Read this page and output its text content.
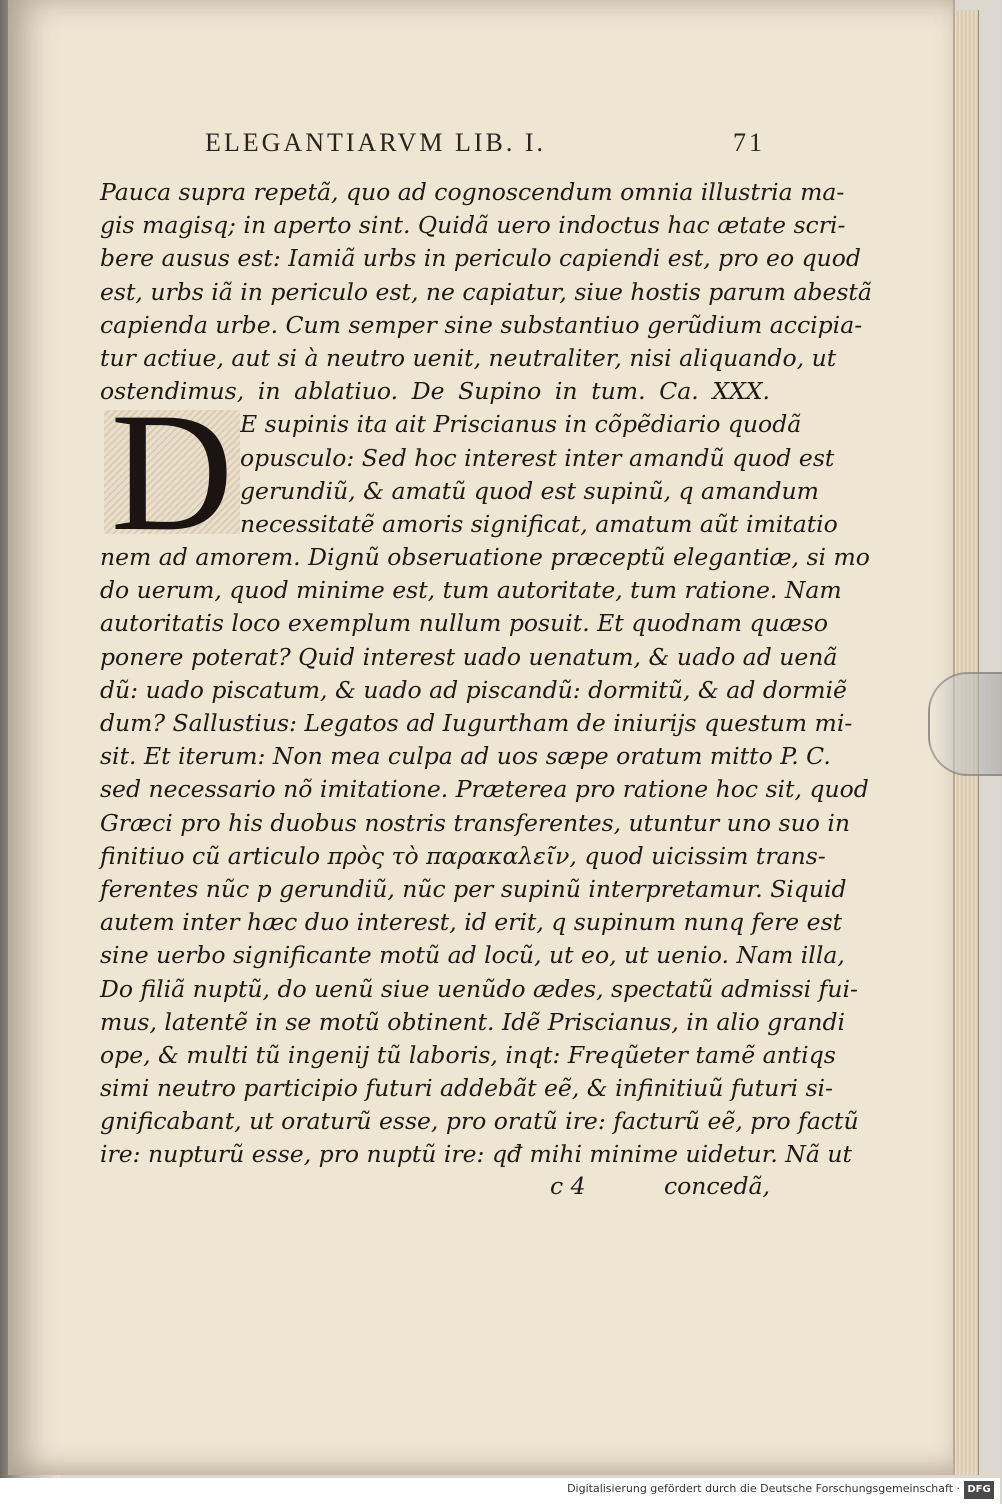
ELEGANTIARVM LIB. I.	71
Pauca supra repetã, quo ad cognoscendum omnia illustria ma-
gis magisq; in aperto sint. Quidã uero indoctus hac ætate scri-
bere ausus est: Iamiã urbs in periculo capiendi est, pro eo quod
est, urbs iã in periculo est, ne capiatur, siue hostis parum abestã
capienda urbe. Cum semper sine substantiuo gerũdium accipia-
tur actiue, aut si à neutro uenit, neutraliter, nisi aliquando, ut
ostendimus, in ablatiuo. De Supino in tum. Ca. XXX.
E supinis ita ait Priscianus in cõpẽdiario quodã
opusculo: Sed hoc interest inter amandũ quod est
gerundiũ, & amatũ quod est supinũ, q amandum
necessitatẽ amoris significat, amatum aũt imitatio
nem ad amorem. Dignũ obseruatione præceptũ elegantiæ, si mo
do uerum, quod minime est, tum autoritate, tum ratione. Nam
autoritatis loco exemplum nullum posuit. Et quodnam quæso
ponere poterat? Quid interest uado uenatum, & uado ad uenã
dũ: uado piscatum, & uado ad piscandũ: dormitũ, & ad dormiẽ
dum? Sallustius: Legatos ad Iugurtham de iniurijs questum mi-
sit. Et iterum: Non mea culpa ad uos sæpe oratum mitto P. C.
sed necessario nõ imitatione. Præterea pro ratione hoc sit, quod
Græci pro his duobus nostris transferentes, utuntur uno suo in
finitiuo cũ articulo πρὸς τὸ παρακαλεῖν, quod uicissim trans-
ferentes nũc p gerundiũ, nũc per supinũ interpretamur. Siquid
autem inter hæc duo interest, id erit, q supinum nunq fere est
sine uerbo significante motũ ad locũ, ut eo, ut uenio. Nam illa,
Do filiã nuptũ, do uenũ siue uenũdo ædes, spectatũ admissi fui-
mus, latentẽ in se motũ obtinent. Idẽ Priscianus, in alio grandi
ope, & multi tũ ingenij tũ laboris, inqt: Freqũeter tamẽ antiqs
simi neutro participio futuri addebãt eẽ, & infinitiuũ futuri si-
gnificabant, ut oraturũ esse, pro oratũ ire: facturũ eẽ, pro factũ
ire: nupturũ esse, pro nuptũ ire: qđ mihi minime uidetur. Nã ut
D
c 4	concedã,
Digitalisierung gefördert durch die Deutsche Forschungsgemeinschaft · DFG
